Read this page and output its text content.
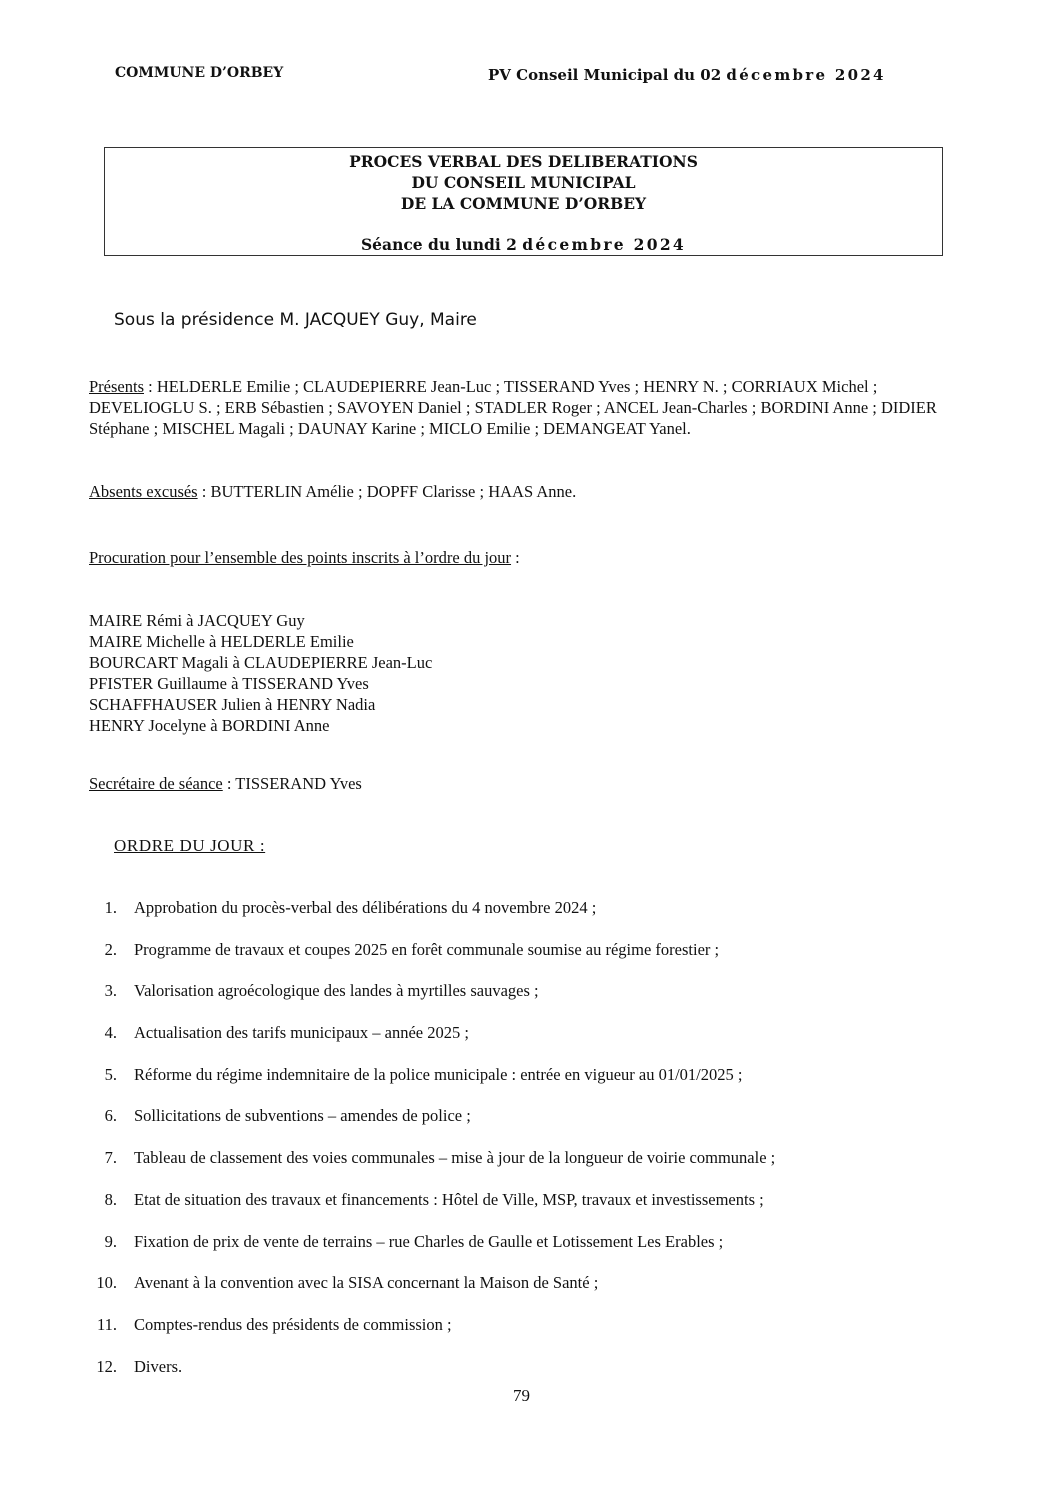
COMMUNE D’ORBEY	PV Conseil Municipal du 02 décembre 2024
PROCES VERBAL DES DELIBERATIONS
DU CONSEIL MUNICIPAL
DE LA COMMUNE D’ORBEY
Séance du lundi 2 décembre 2024
Sous la présidence M. JACQUEY Guy, Maire
Présents : HELDERLE Emilie ; CLAUDEPIERRE Jean-Luc ; TISSERAND Yves ; HENRY N. ; CORRIAUX Michel ; DEVELIOGLU S. ; ERB Sébastien ; SAVOYEN Daniel ; STADLER Roger ; ANCEL Jean-Charles ; BORDINI Anne ; DIDIER Stéphane ; MISCHEL Magali ; DAUNAY Karine ; MICLO Emilie ; DEMANGEAT Yanel.
Absents excusés : BUTTERLIN Amélie ; DOPFF Clarisse ; HAAS Anne.
Procuration pour l’ensemble des points inscrits à l’ordre du jour :
MAIRE Rémi à JACQUEY Guy
MAIRE Michelle à HELDERLE Emilie
BOURCART Magali à CLAUDEPIERRE Jean-Luc
PFISTER Guillaume à TISSERAND Yves
SCHAFFHAUSER Julien à HENRY Nadia
HENRY Jocelyne à BORDINI Anne
Secrétaire de séance : TISSERAND Yves
ORDRE DU JOUR :
1. Approbation du procès-verbal des délibérations du 4 novembre 2024 ;
2. Programme de travaux et coupes 2025 en forêt communale soumise au régime forestier ;
3. Valorisation agroécologique des landes à myrtilles sauvages ;
4. Actualisation des tarifs municipaux – année 2025 ;
5. Réforme du régime indemnitaire de la police municipale : entrée en vigueur au 01/01/2025 ;
6. Sollicitations de subventions – amendes de police ;
7. Tableau de classement des voies communales – mise à jour de la longueur de voirie communale ;
8. Etat de situation des travaux et financements : Hôtel de Ville, MSP, travaux et investissements ;
9. Fixation de prix de vente de terrains – rue Charles de Gaulle et Lotissement Les Erables ;
10. Avenant à la convention avec la SISA concernant la Maison de Santé ;
11. Comptes-rendus des présidents de commission ;
12. Divers.
79
